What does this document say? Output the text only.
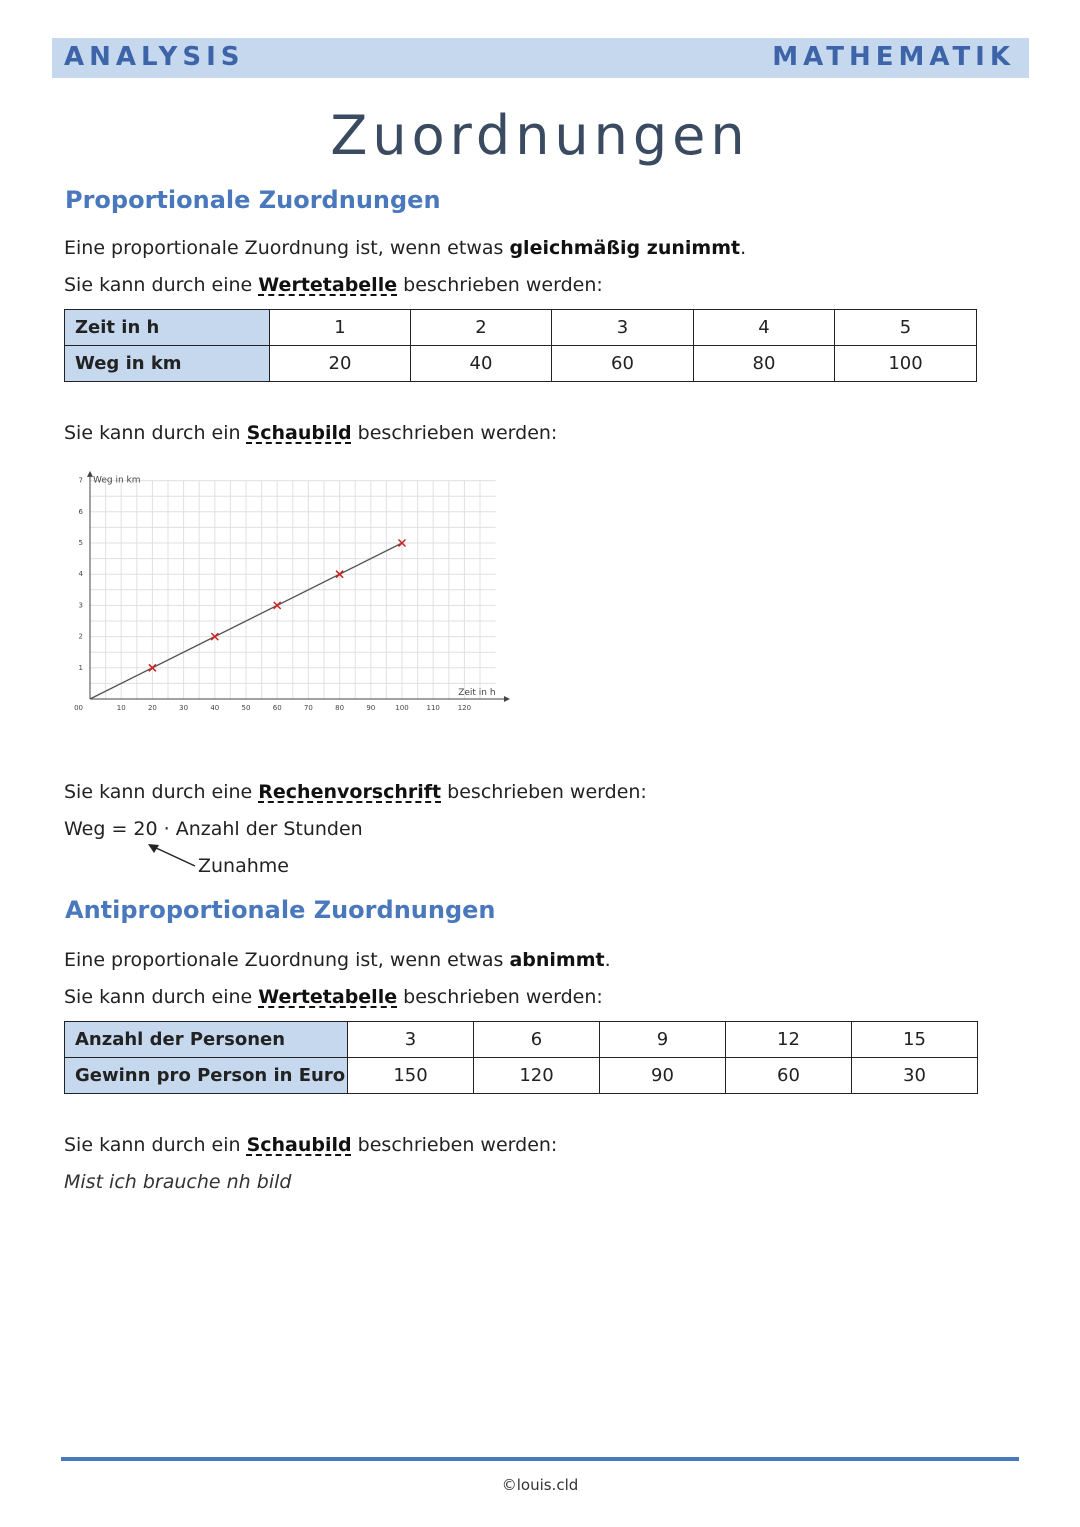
ANALYSIS	MATHEMATIK
Zuordnungen
Proportionale Zuordnungen
Eine proportionale Zuordnung ist, wenn etwas gleichmäßig zunimmt.
Sie kann durch eine Wertetabelle beschrieben werden:
Zeit in h	1	2	3	4	5
Weg in km	20	40	60	80	100
Sie kann durch ein Schaubild beschrieben werden:
10	20	30	40	50	60	70	80	90	100	110	120
1
2
3
4
5
6
7
00
Zeit in h
Weg in km
Sie kann durch eine Rechenvorschrift beschrieben werden:
Weg = 20 · Anzahl der Stunden
Zunahme
Antiproportionale Zuordnungen
Eine proportionale Zuordnung ist, wenn etwas abnimmt.
Sie kann durch eine Wertetabelle beschrieben werden:
Anzahl der Personen	3	6	9	12	15
Gewinn pro Person in Euro	150	120	90	60	30
Sie kann durch ein Schaubild beschrieben werden:
Mist ich brauche nh bild
©louis.cld
